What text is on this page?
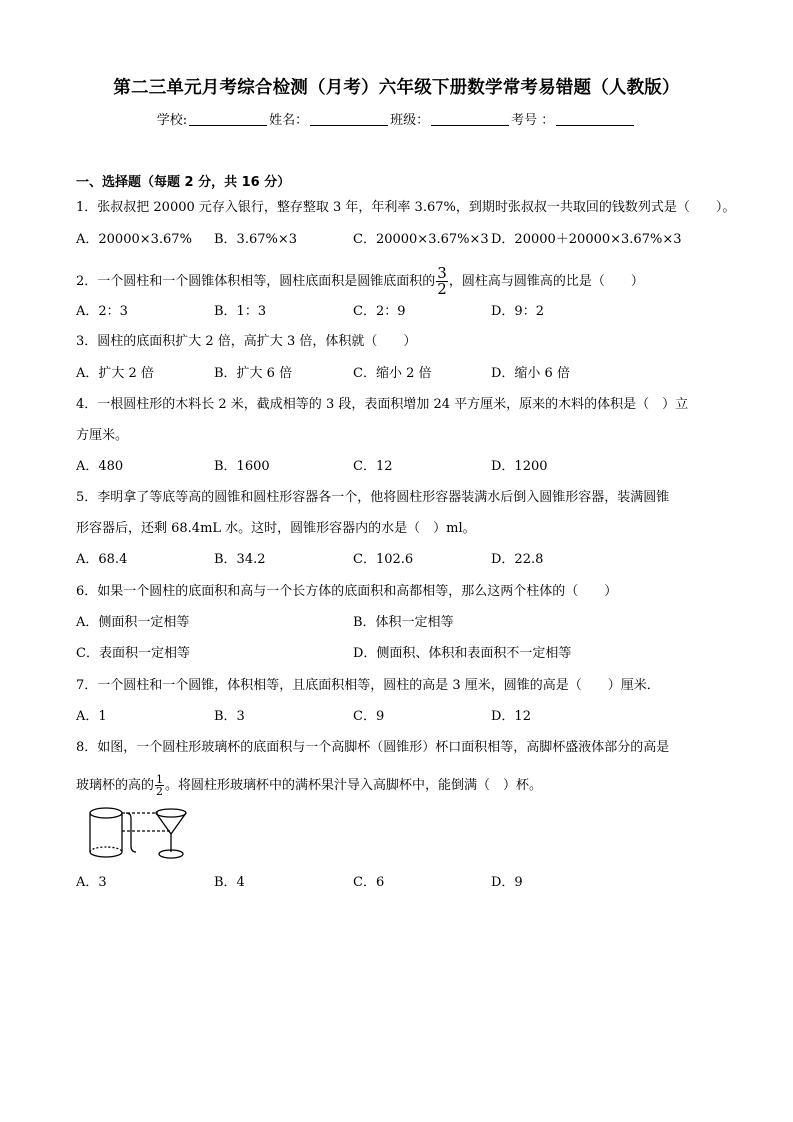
第二三单元月考综合检测（月考）六年级下册数学常考易错题（人教版）
学校:	姓名：	班级：	考号 ：
一、选择题（每题 2 分，共 16 分）
1．张叔叔把 20000 元存入银行，整存整取 3 年，年利率 3.67%，到期时张叔叔一共取回的钱数列式是（　　）。
A．20000×3.67% B．3.67%×3	C．20000×3.67%×3 D．20000＋20000×3.67%×3
2．一个圆柱和一个圆锥体积相等，圆柱底面积是圆锥底面积的 $\frac{3}{2}$ ，圆柱高与圆锥高的比是（　　）
A．2：3	B．1：3	C．2：9	D．9：2
3．圆柱的底面积扩大 2 倍，高扩大 3 倍，体积就（　　）
A．扩大 2 倍	B．扩大 6 倍	C．缩小 2 倍	D．缩小 6 倍
4．一根圆柱形的木料长 2 米，截成相等的 3 段，表面积增加 24 平方厘米，原来的木料的体积是（　）立
方厘米。
A．480	B．1600	C．12	D．1200
5．李明拿了等底等高的圆锥和圆柱形容器各一个，他将圆柱形容器装满水后倒入圆锥形容器，装满圆锥
形容器后，还剩 68.4mL 水。这时，圆锥形容器内的水是（　）ml。
A．68.4	B．34.2	C．102.6	D．22.8
6．如果一个圆柱的底面积和高与一个长方体的底面积和高都相等，那么这两个柱体的（　　）
A．侧面积一定相等	B．体积一定相等
C．表面积一定相等	D．侧面积、体积和表面积不一定相等
7．一个圆柱和一个圆锥，体积相等，且底面积相等，圆柱的高是 3 厘米，圆锥的高是（　　）厘米．
A．1	B．3	C．9	D．12
8．如图，一个圆柱形玻璃杯的底面积与一个高脚杯（圆锥形）杯口面积相等，高脚杯盛液体部分的高是
玻璃杯的高的 $\frac{1}{2}$ 。将圆柱形玻璃杯中的满杯果汁导入高脚杯中，能倒满（　）杯。
A．3	B．4	C．6	D．9
